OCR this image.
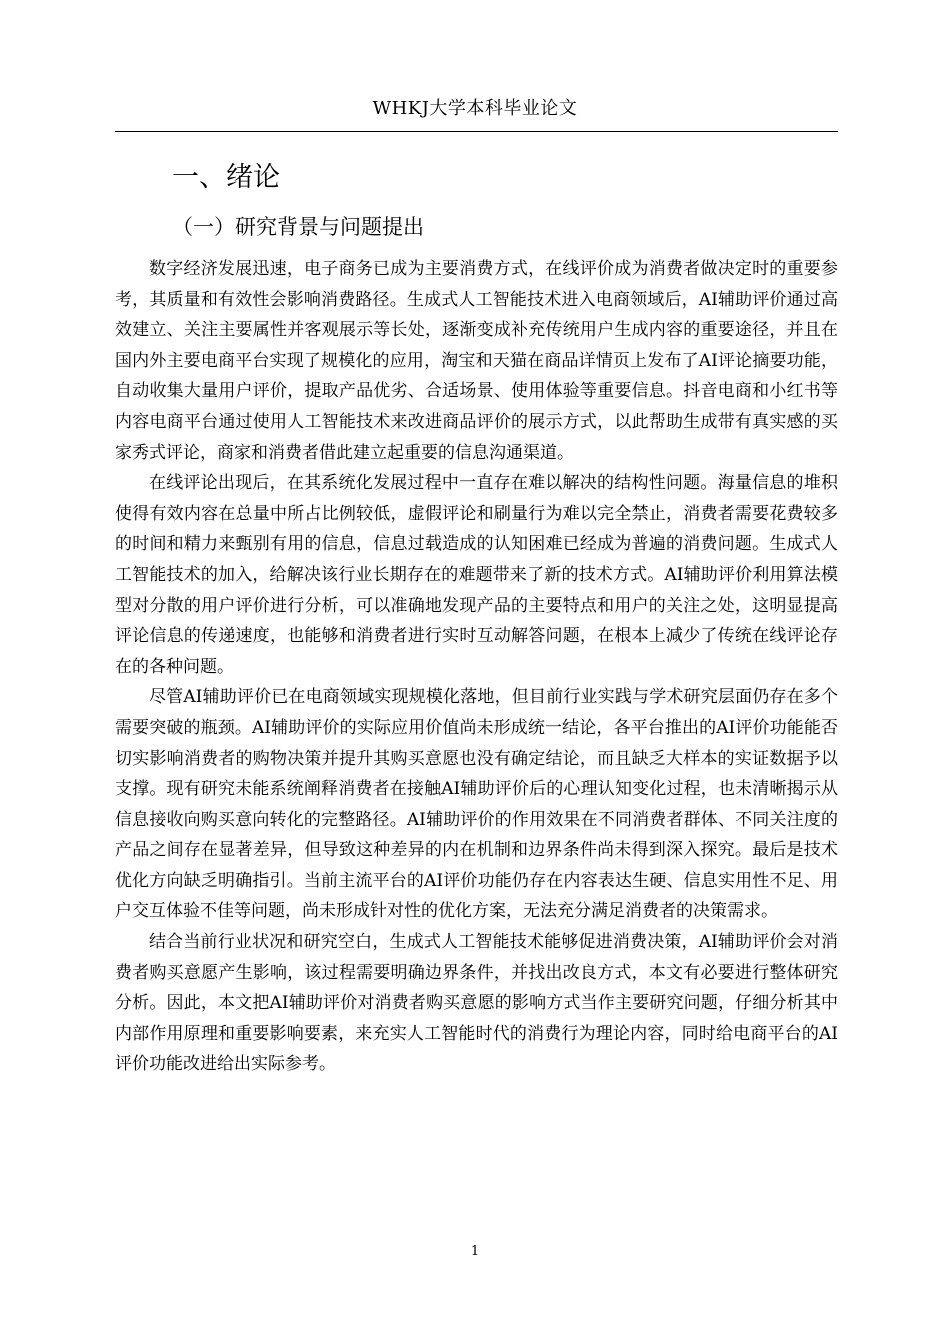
WHKJ大学本科毕业论文
一、绪论
（一）研究背景与问题提出

数字经济发展迅速，电子商务已成为主要消费方式，在线评价成为消费者做决定时的重要参考，其质量和有效性会影响消费路径。生成式人工智能技术进入电商领域后，AI辅助评价通过高效建立、关注主要属性并客观展示等长处，逐渐变成补充传统用户生成内容的重要途径，并且在国内外主要电商平台实现了规模化的应用，淘宝和天猫在商品详情页上发布了AI评论摘要功能，自动收集大量用户评价，提取产品优劣、合适场景、使用体验等重要信息。抖音电商和小红书等内容电商平台通过使用人工智能技术来改进商品评价的展示方式，以此帮助生成带有真实感的买家秀式评论，商家和消费者借此建立起重要的信息沟通渠道。

在线评论出现后，在其系统化发展过程中一直存在难以解决的结构性问题。海量信息的堆积使得有效内容在总量中所占比例较低，虚假评论和刷量行为难以完全禁止，消费者需要花费较多的时间和精力来甄别有用的信息，信息过载造成的认知困难已经成为普遍的消费问题。生成式人工智能技术的加入，给解决该行业长期存在的难题带来了新的技术方式。AI辅助评价利用算法模型对分散的用户评价进行分析，可以准确地发现产品的主要特点和用户的关注之处，这明显提高评论信息的传递速度，也能够和消费者进行实时互动解答问题，在根本上减少了传统在线评论存在的各种问题。

尽管AI辅助评价已在电商领域实现规模化落地，但目前行业实践与学术研究层面仍存在多个需要突破的瓶颈。AI辅助评价的实际应用价值尚未形成统一结论，各平台推出的AI评价功能能否切实影响消费者的购物决策并提升其购买意愿也没有确定结论，而且缺乏大样本的实证数据予以支撑。现有研究未能系统阐释消费者在接触AI辅助评价后的心理认知变化过程，也未清晰揭示从信息接收向购买意向转化的完整路径。AI辅助评价的作用效果在不同消费者群体、不同关注度的产品之间存在显著差异，但导致这种差异的内在机制和边界条件尚未得到深入探究。最后是技术优化方向缺乏明确指引。当前主流平台的AI评价功能仍存在内容表达生硬、信息实用性不足、用户交互体验不佳等问题，尚未形成针对性的优化方案，无法充分满足消费者的决策需求。

结合当前行业状况和研究空白，生成式人工智能技术能够促进消费决策，AI辅助评价会对消费者购买意愿产生影响，该过程需要明确边界条件，并找出改良方式，本文有必要进行整体研究分析。因此，本文把AI辅助评价对消费者购买意愿的影响方式当作主要研究问题，仔细分析其中内部作用原理和重要影响要素，来充实人工智能时代的消费行为理论内容，同时给电商平台的AI评价功能改进给出实际参考。

1
